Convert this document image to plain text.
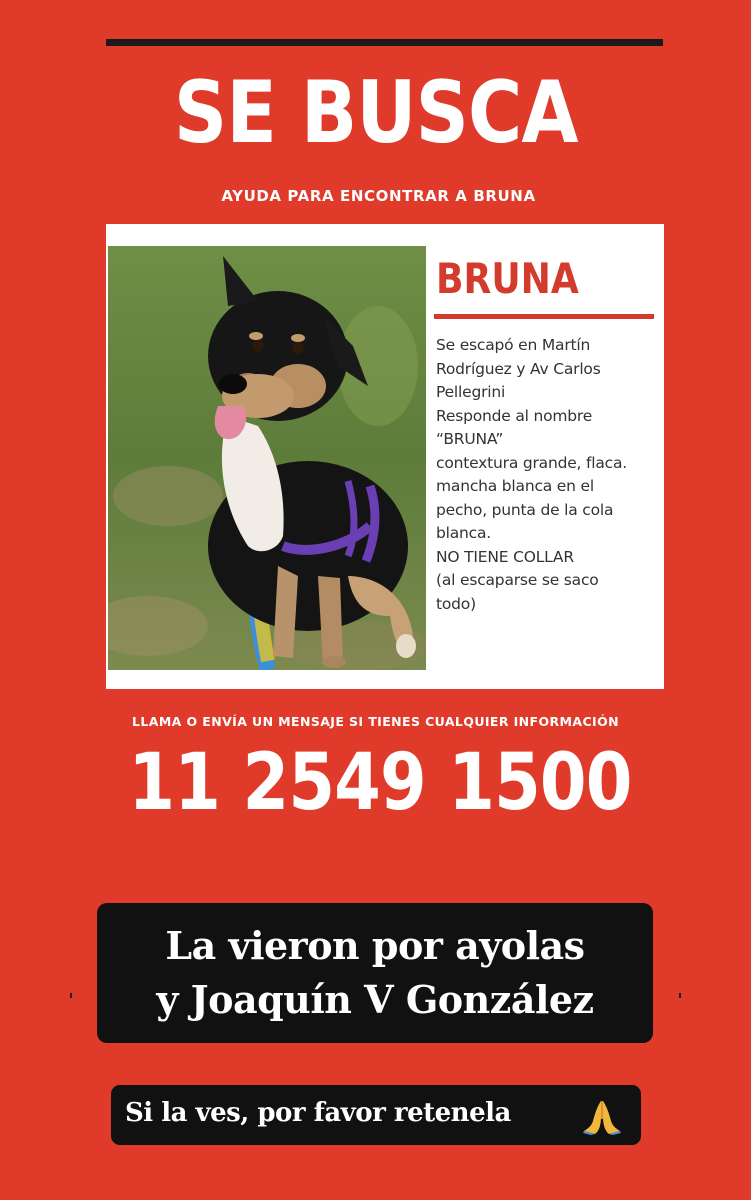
SE BUSCA
AYUDA PARA ENCONTRAR A BRUNA
BRUNA
Se escapó en Martín
Rodríguez y Av Carlos
Pellegrini
Responde al nombre
“BRUNA”
contextura grande, flaca.
mancha blanca en el
pecho, punta de la cola
blanca.
NO TIENE COLLAR
(al escaparse se saco
todo)
LLAMA O ENVÍA UN MENSAJE SI TIENES CUALQUIER INFORMACIÓN
11 2549 1500
La vieron por ayolas
y Joaquín V González
Si la ves, por favor retenela
